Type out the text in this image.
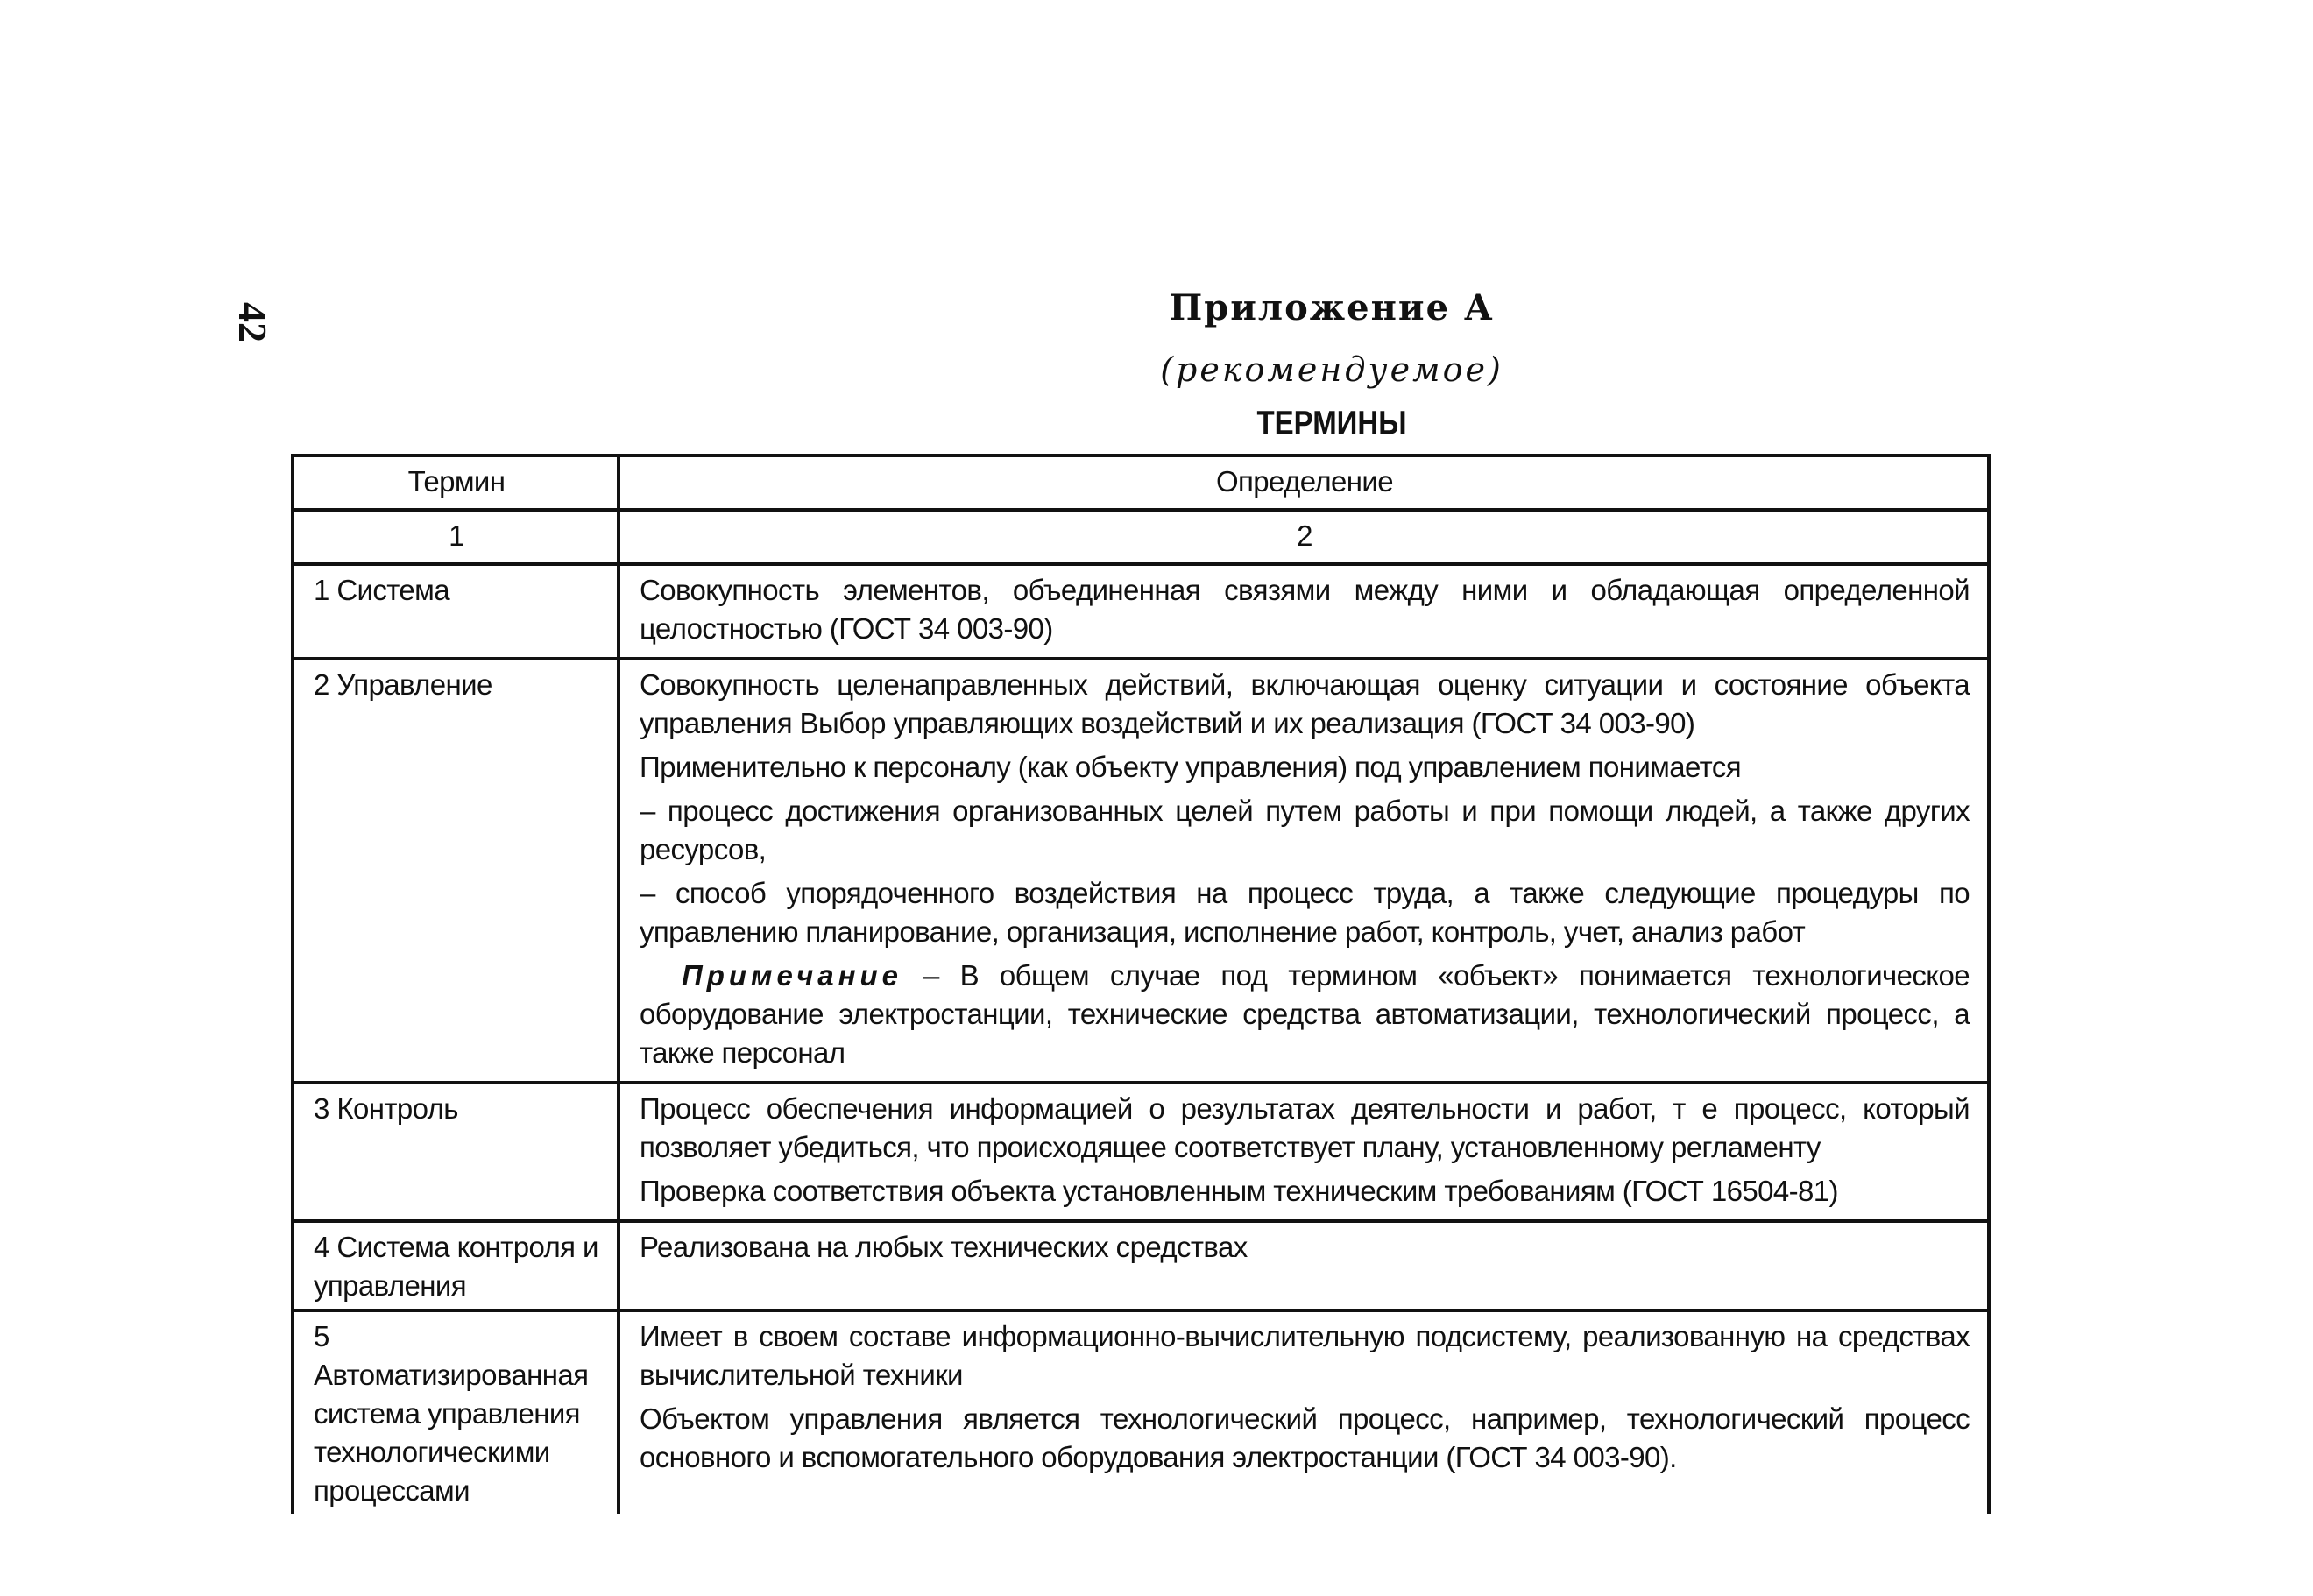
42	Приложение А
(рекомендуемое)
ТЕРМИНЫ
Термин	Определение
1	2
1 Система	Совокупность элементов, объединенная связями между ними и обладающая определенной целостностью (ГОСТ 34 003-90)

2 Управление	Совокупность целенаправленных действий, включающая оценку ситуации и состояние объекта управления Выбор управляющих воздействий и их реализация (ГОСТ 34 003-90)

Применительно к персоналу (как объекту управления) под управлением понимается

– процесс достижения организованных целей путем работы и при помощи людей, а также других ресурсов,

– способ упорядоченного воздействия на процесс труда, а также следующие процедуры по управлению планирование, организация, исполнение работ, контроль, учет, анализ работ

Примечание – В общем случае под термином «объект» понимается технологическое оборудование электростанции, технические средства автоматизации, технологический процесс, а также персонал

3 Контроль	Процесс обеспечения информацией о результатах деятельности и работ, т е процесс, который позволяет убедиться, что происходящее соответствует плану, установленному регламенту

Проверка соответствия объекта установленным техническим требованиям (ГОСТ 16504-81)

4 Система контроля и управления	Реализована на любых технических средствах

5 Автоматизированная система управления технологическими процессами	Имеет в своем составе информационно-вычислительную подсистему, реализованную на средствах вычислительной техники

Объектом управления является технологический процесс, например, технологический процесс основного и вспомогательного оборудования электростанции (ГОСТ 34 003-90).
